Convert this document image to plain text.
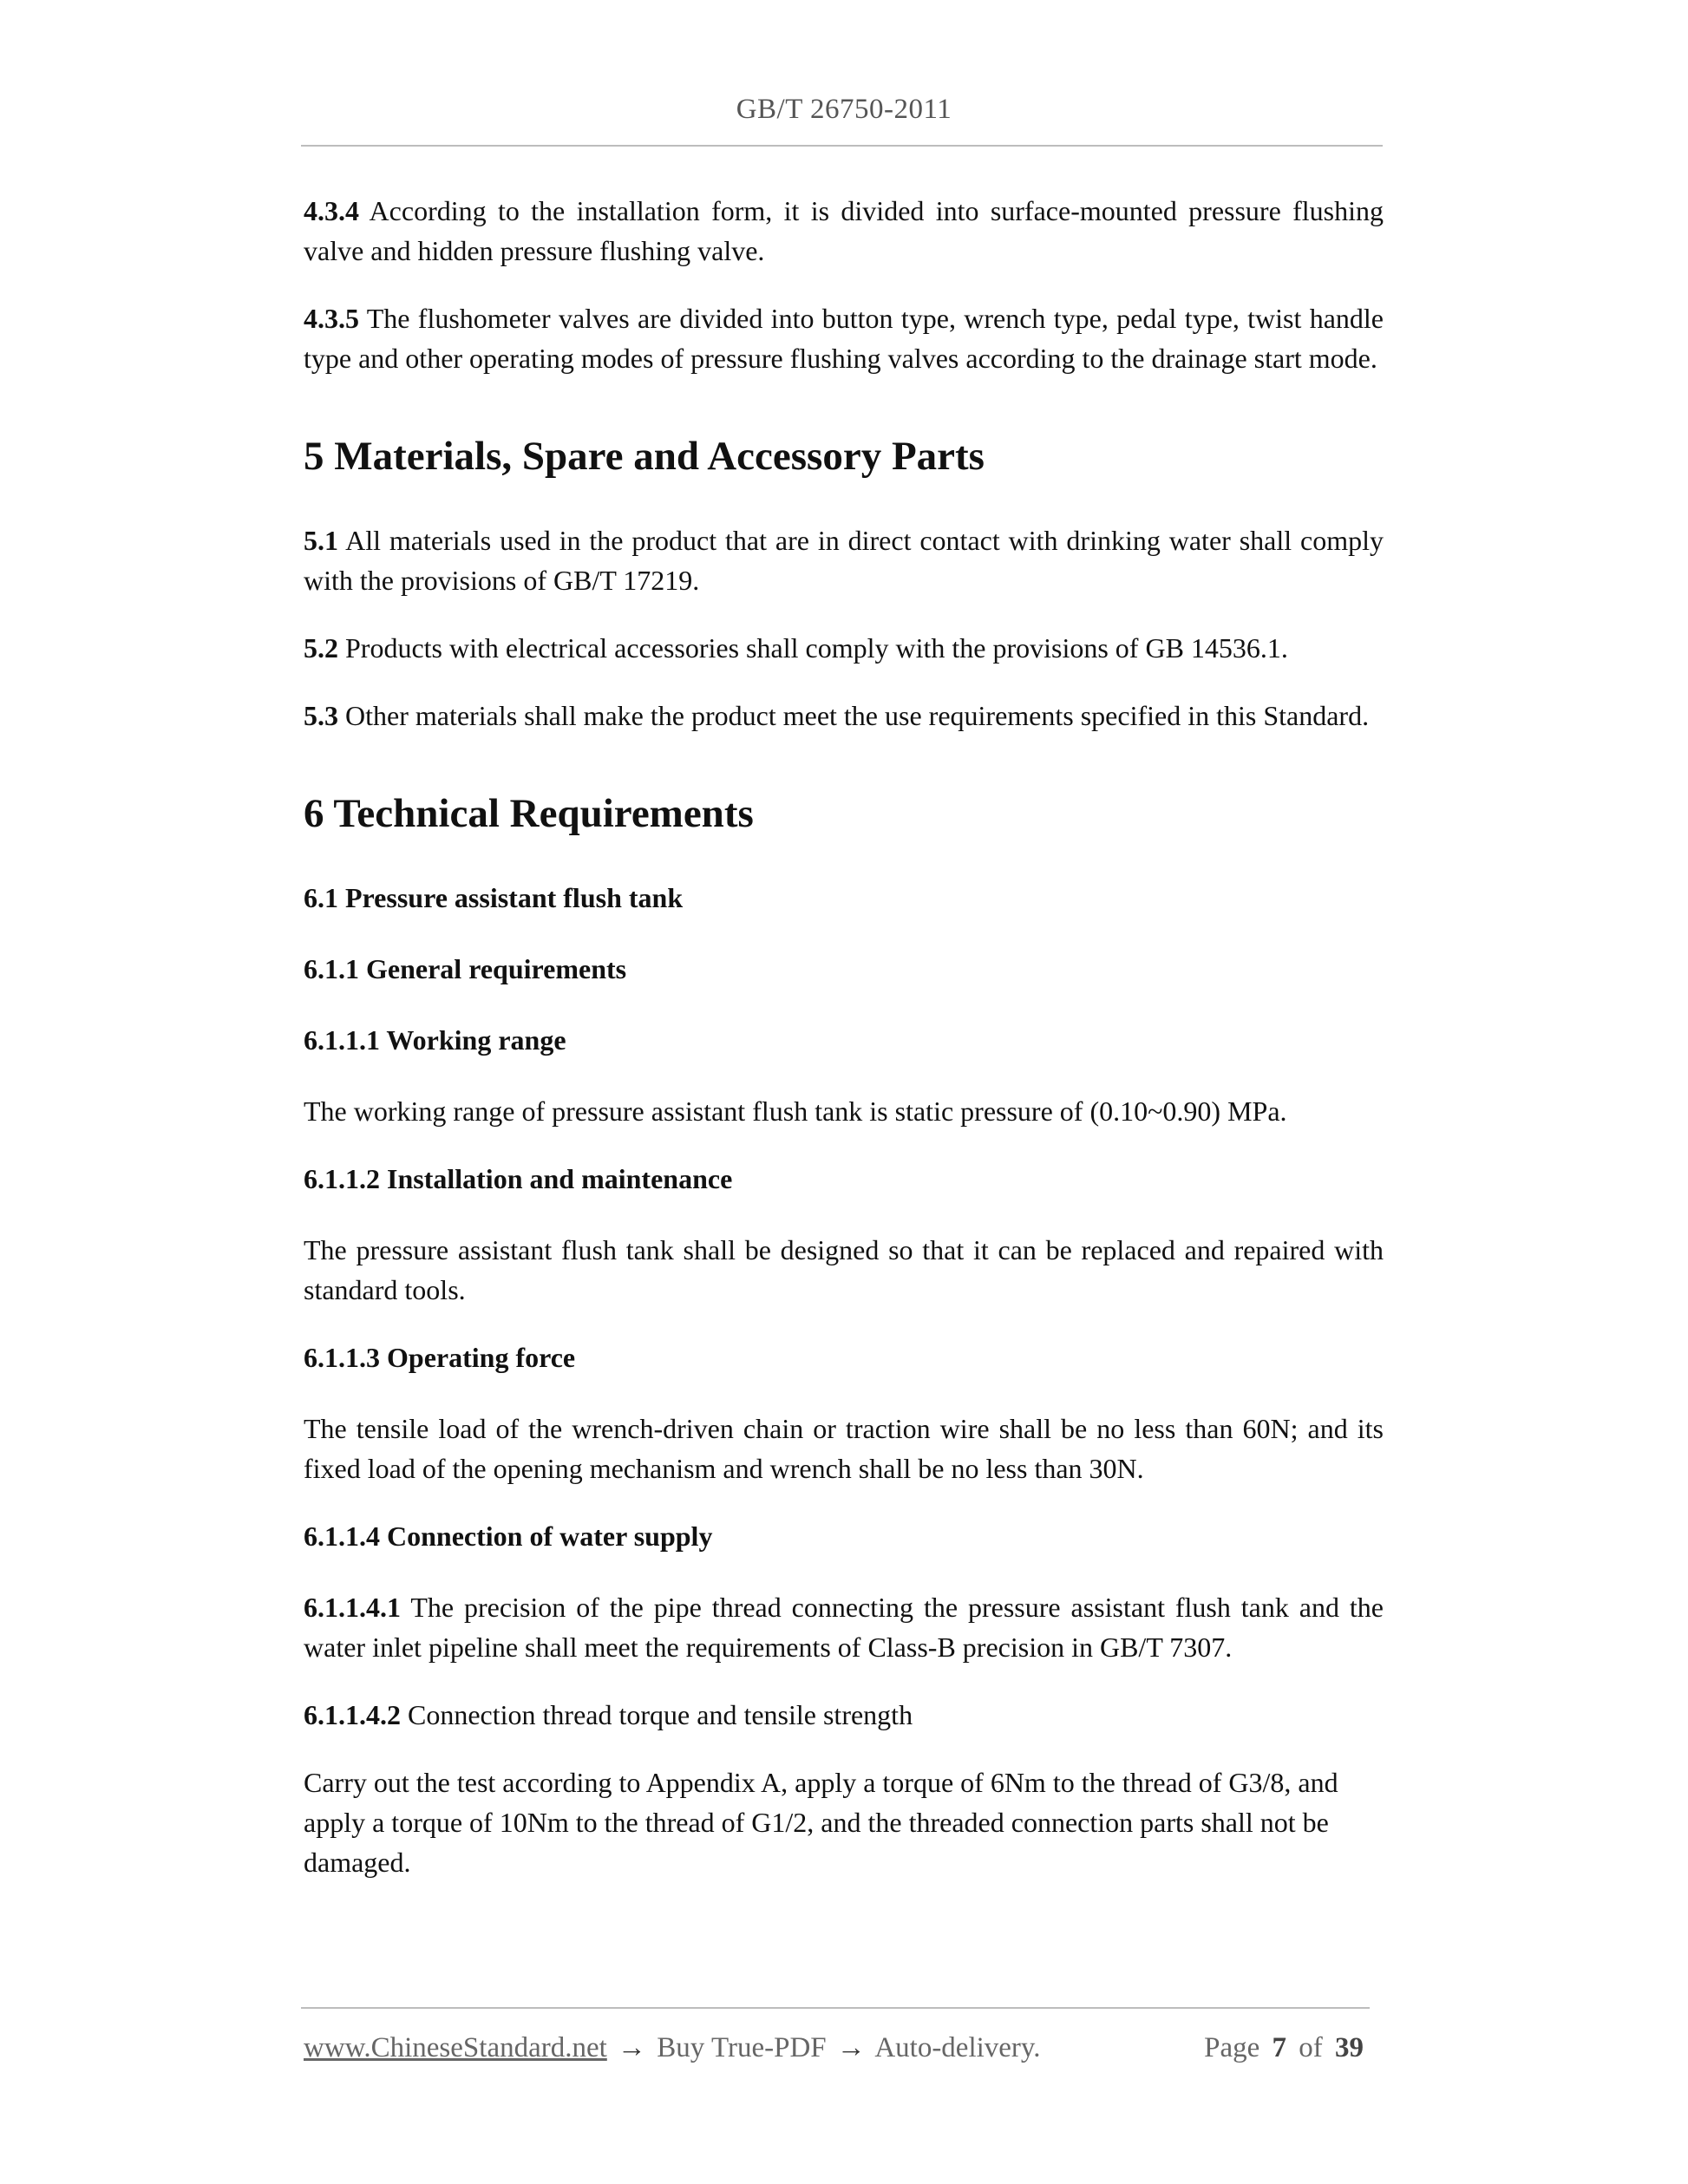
GB/T 26750-2011

4.3.4 According to the installation form, it is divided into surface-mounted pressure flushing valve and hidden pressure flushing valve.

4.3.5 The flushometer valves are divided into button type, wrench type, pedal type, twist handle type and other operating modes of pressure flushing valves according to the drainage start mode.

5 Materials, Spare and Accessory Parts

5.1 All materials used in the product that are in direct contact with drinking water shall comply with the provisions of GB/T 17219.

5.2 Products with electrical accessories shall comply with the provisions of GB 14536.1.

5.3 Other materials shall make the product meet the use requirements specified in this Standard.

6 Technical Requirements
6.1 Pressure assistant flush tank
6.1.1 General requirements
6.1.1.1 Working range

The working range of pressure assistant flush tank is static pressure of (0.10~0.90) MPa.

6.1.1.2 Installation and maintenance

The pressure assistant flush tank shall be designed so that it can be replaced and repaired with standard tools.

6.1.1.3 Operating force

The tensile load of the wrench-driven chain or traction wire shall be no less than 60N; and its fixed load of the opening mechanism and wrench shall be no less than 30N.

6.1.1.4 Connection of water supply

6.1.1.4.1 The precision of the pipe thread connecting the pressure assistant flush tank and the water inlet pipeline shall meet the requirements of Class-B precision in GB/T 7307.

6.1.1.4.2 Connection thread torque and tensile strength

Carry out the test according to Appendix A, apply a torque of 6Nm to the thread of G3/8, and apply a torque of 10Nm to the thread of G1/2, and the threaded connection parts shall not be damaged.

www.ChineseStandard.net → Buy True-PDF → Auto-delivery.	Page 7 of 39
